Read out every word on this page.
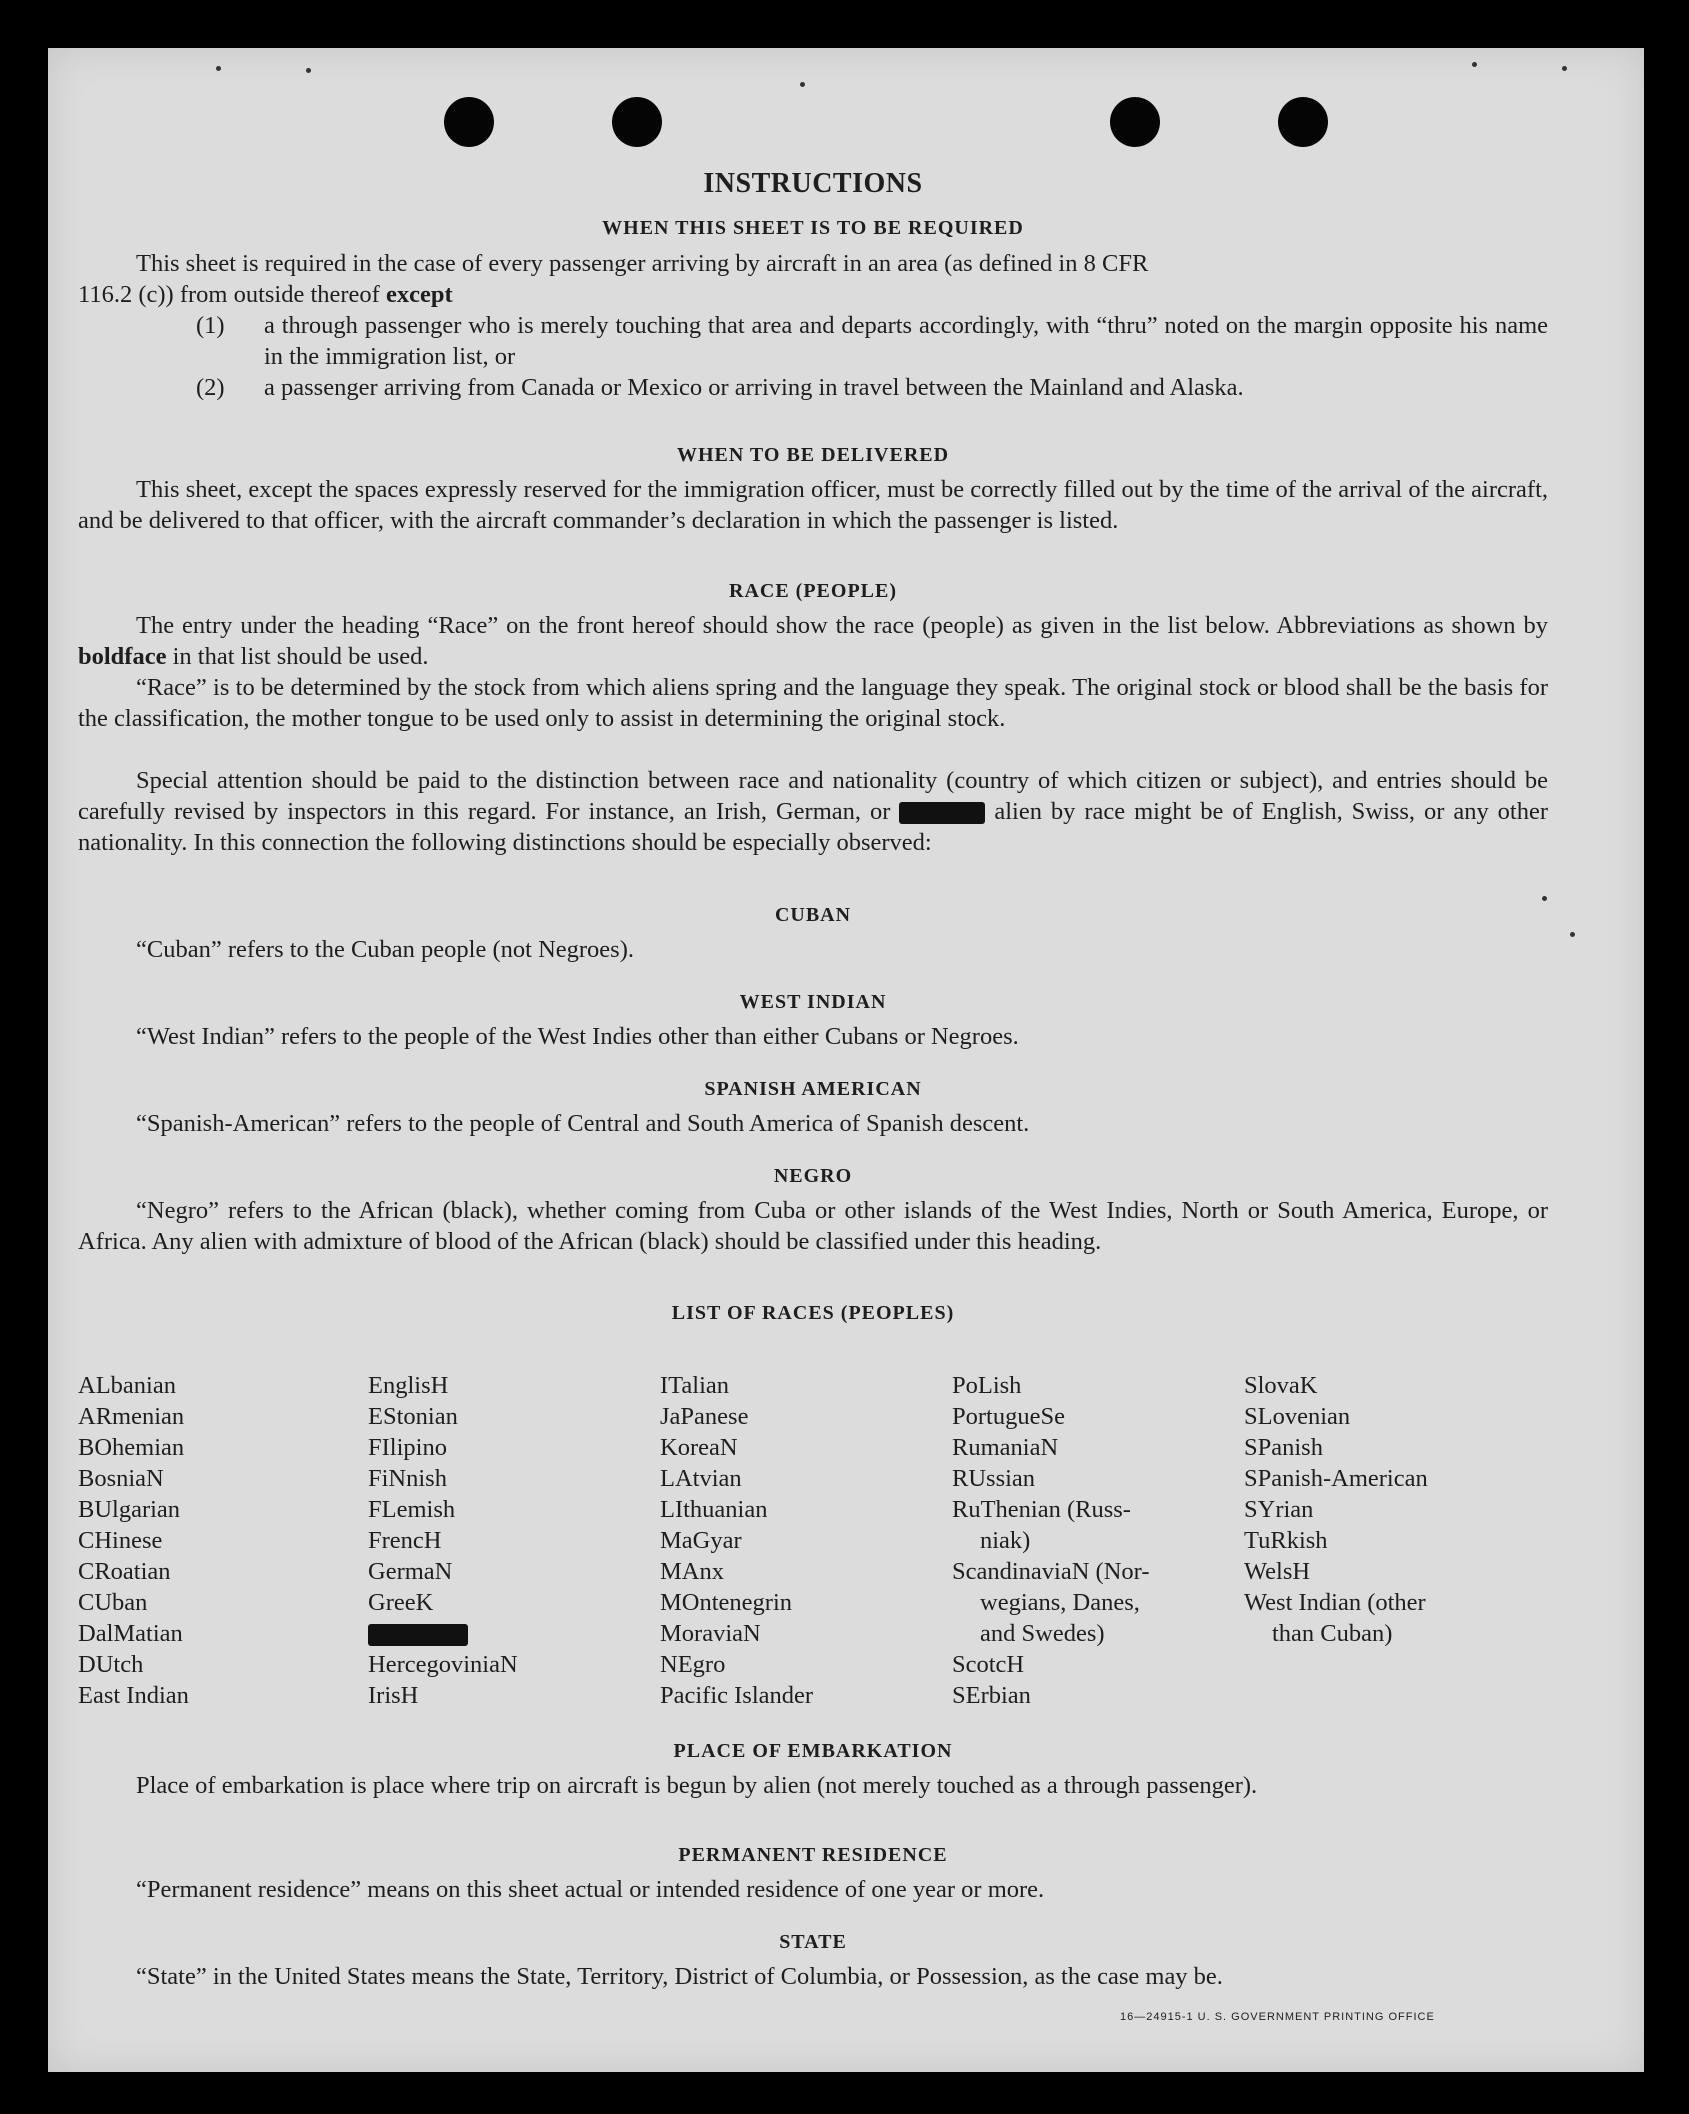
INSTRUCTIONS
WHEN THIS SHEET IS TO BE REQUIRED
This sheet is required in the case of every passenger arriving by aircraft in an area (as defined in 8 CFR
116.2 (c)) from outside thereof except
(1) a through passenger who is merely touching that area and departs accordingly, with “thru” noted on the margin opposite his name in the immigration list, or
(2) a passenger arriving from Canada or Mexico or arriving in travel between the Mainland and Alaska.
WHEN TO BE DELIVERED
This sheet, except the spaces expressly reserved for the immigration officer, must be correctly filled out by the time of the arrival of the aircraft, and be delivered to that officer, with the aircraft commander’s declaration in which the passenger is listed.
RACE (PEOPLE)
The entry under the heading “Race” on the front hereof should show the race (people) as given in the list below. Abbreviations as shown by boldface in that list should be used.
“Race” is to be determined by the stock from which aliens spring and the language they speak. The original stock or blood shall be the basis for the classification, the mother tongue to be used only to assist in determining the original stock.
Special attention should be paid to the distinction between race and nationality (country of which citizen or subject), and entries should be carefully revised by inspectors in this regard. For instance, an Irish, German, or	alien by race might be of English, Swiss, or any other nationality. In this connection the following distinctions should be especially observed:
CUBAN
“Cuban” refers to the Cuban people (not Negroes).
WEST INDIAN
“West Indian” refers to the people of the West Indies other than either Cubans or Negroes.
SPANISH AMERICAN
“Spanish-American” refers to the people of Central and South America of Spanish descent.
NEGRO
“Negro” refers to the African (black), whether coming from Cuba or other islands of the West Indies, North or South America, Europe, or Africa. Any alien with admixture of blood of the African (black) should be classified under this heading.
LIST OF RACES (PEOPLES)
ALbanian
ARmenian
BOhemian
BosniaN
BUlgarian
CHinese
CRoatian
CUban
DalMatian
DUtch
East Indian
EnglisH
EStonian
FIlipino
FiNnish
FLemish
FrencH
GermaN
GreeK
HercegoviniaN
IrisH
ITalian
JaPanese
KoreaN
LAtvian
LIthuanian
MaGyar
MAnx
MOntenegrin
MoraviaN
NEgro
Pacific Islander
PoLish
PortugueSe
RumaniaN
RUssian
RuThenian (Russ-
niak)
ScandinaviaN (Nor-
wegians, Danes,
and Swedes)
ScotcH
SErbian
SlovaK
SLovenian
SPanish
SPanish-American
SYrian
TuRkish
WelsH
West Indian (other
than Cuban)
PLACE OF EMBARKATION
Place of embarkation is place where trip on aircraft is begun by alien (not merely touched as a through passenger).
PERMANENT RESIDENCE
“Permanent residence” means on this sheet actual or intended residence of one year or more.
STATE
“State” in the United States means the State, Territory, District of Columbia, or Possession, as the case may be.
16—24915-1 U. S. GOVERNMENT PRINTING OFFICE
